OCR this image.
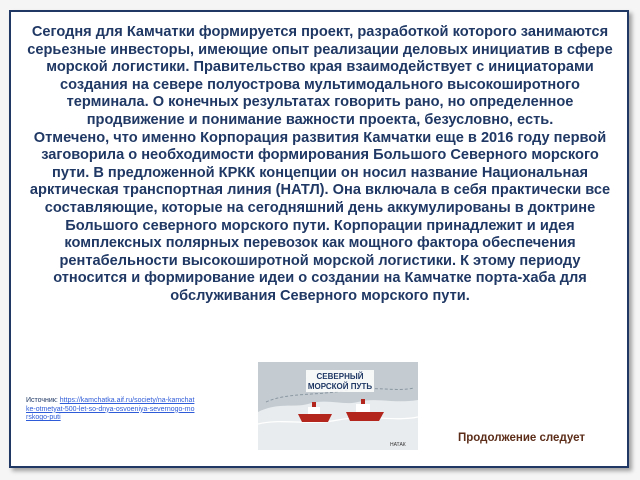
Сегодня для Камчатки формируется проект, разработкой которого занимаются серьезные инвесторы, имеющие опыт реализации деловых инициатив в сфере морской логистики. Правительство края взаимодействует с инициаторами создания на севере полуострова мультимодального высокоширотного терминала. О конечных результатах говорить рано, но определенное продвижение и понимание важности проекта, безусловно, есть.

Отмечено, что именно Корпорация развития Камчатки еще в 2016 году первой заговорила о необходимости формирования Большого Северного морского пути. В предложенной КРКК концепции он носил название Национальная арктическая транспортная линия (НАТЛ). Она включала в себя практически все составляющие, которые на сегодняшний день аккумулированы в доктрине Большого северного морского пути. Корпорации принадлежит и идея комплексных полярных перевозок как мощного фактора обеспечения рентабельности высокоширотной морской логистики. К этому периоду относится и формирование идеи о создании на Камчатке порта-хаба для обслуживания Северного морского пути.

СЕВЕРНЫЙ
МОРСКОЙ ПУТЬ
НАТАК
Источник: https://kamchatka.aif.ru/society/na-kamchatke-otmetyat-500-let-so-dnya-osvoeniya-severnogo-morskogo-puti
Продолжение следует
